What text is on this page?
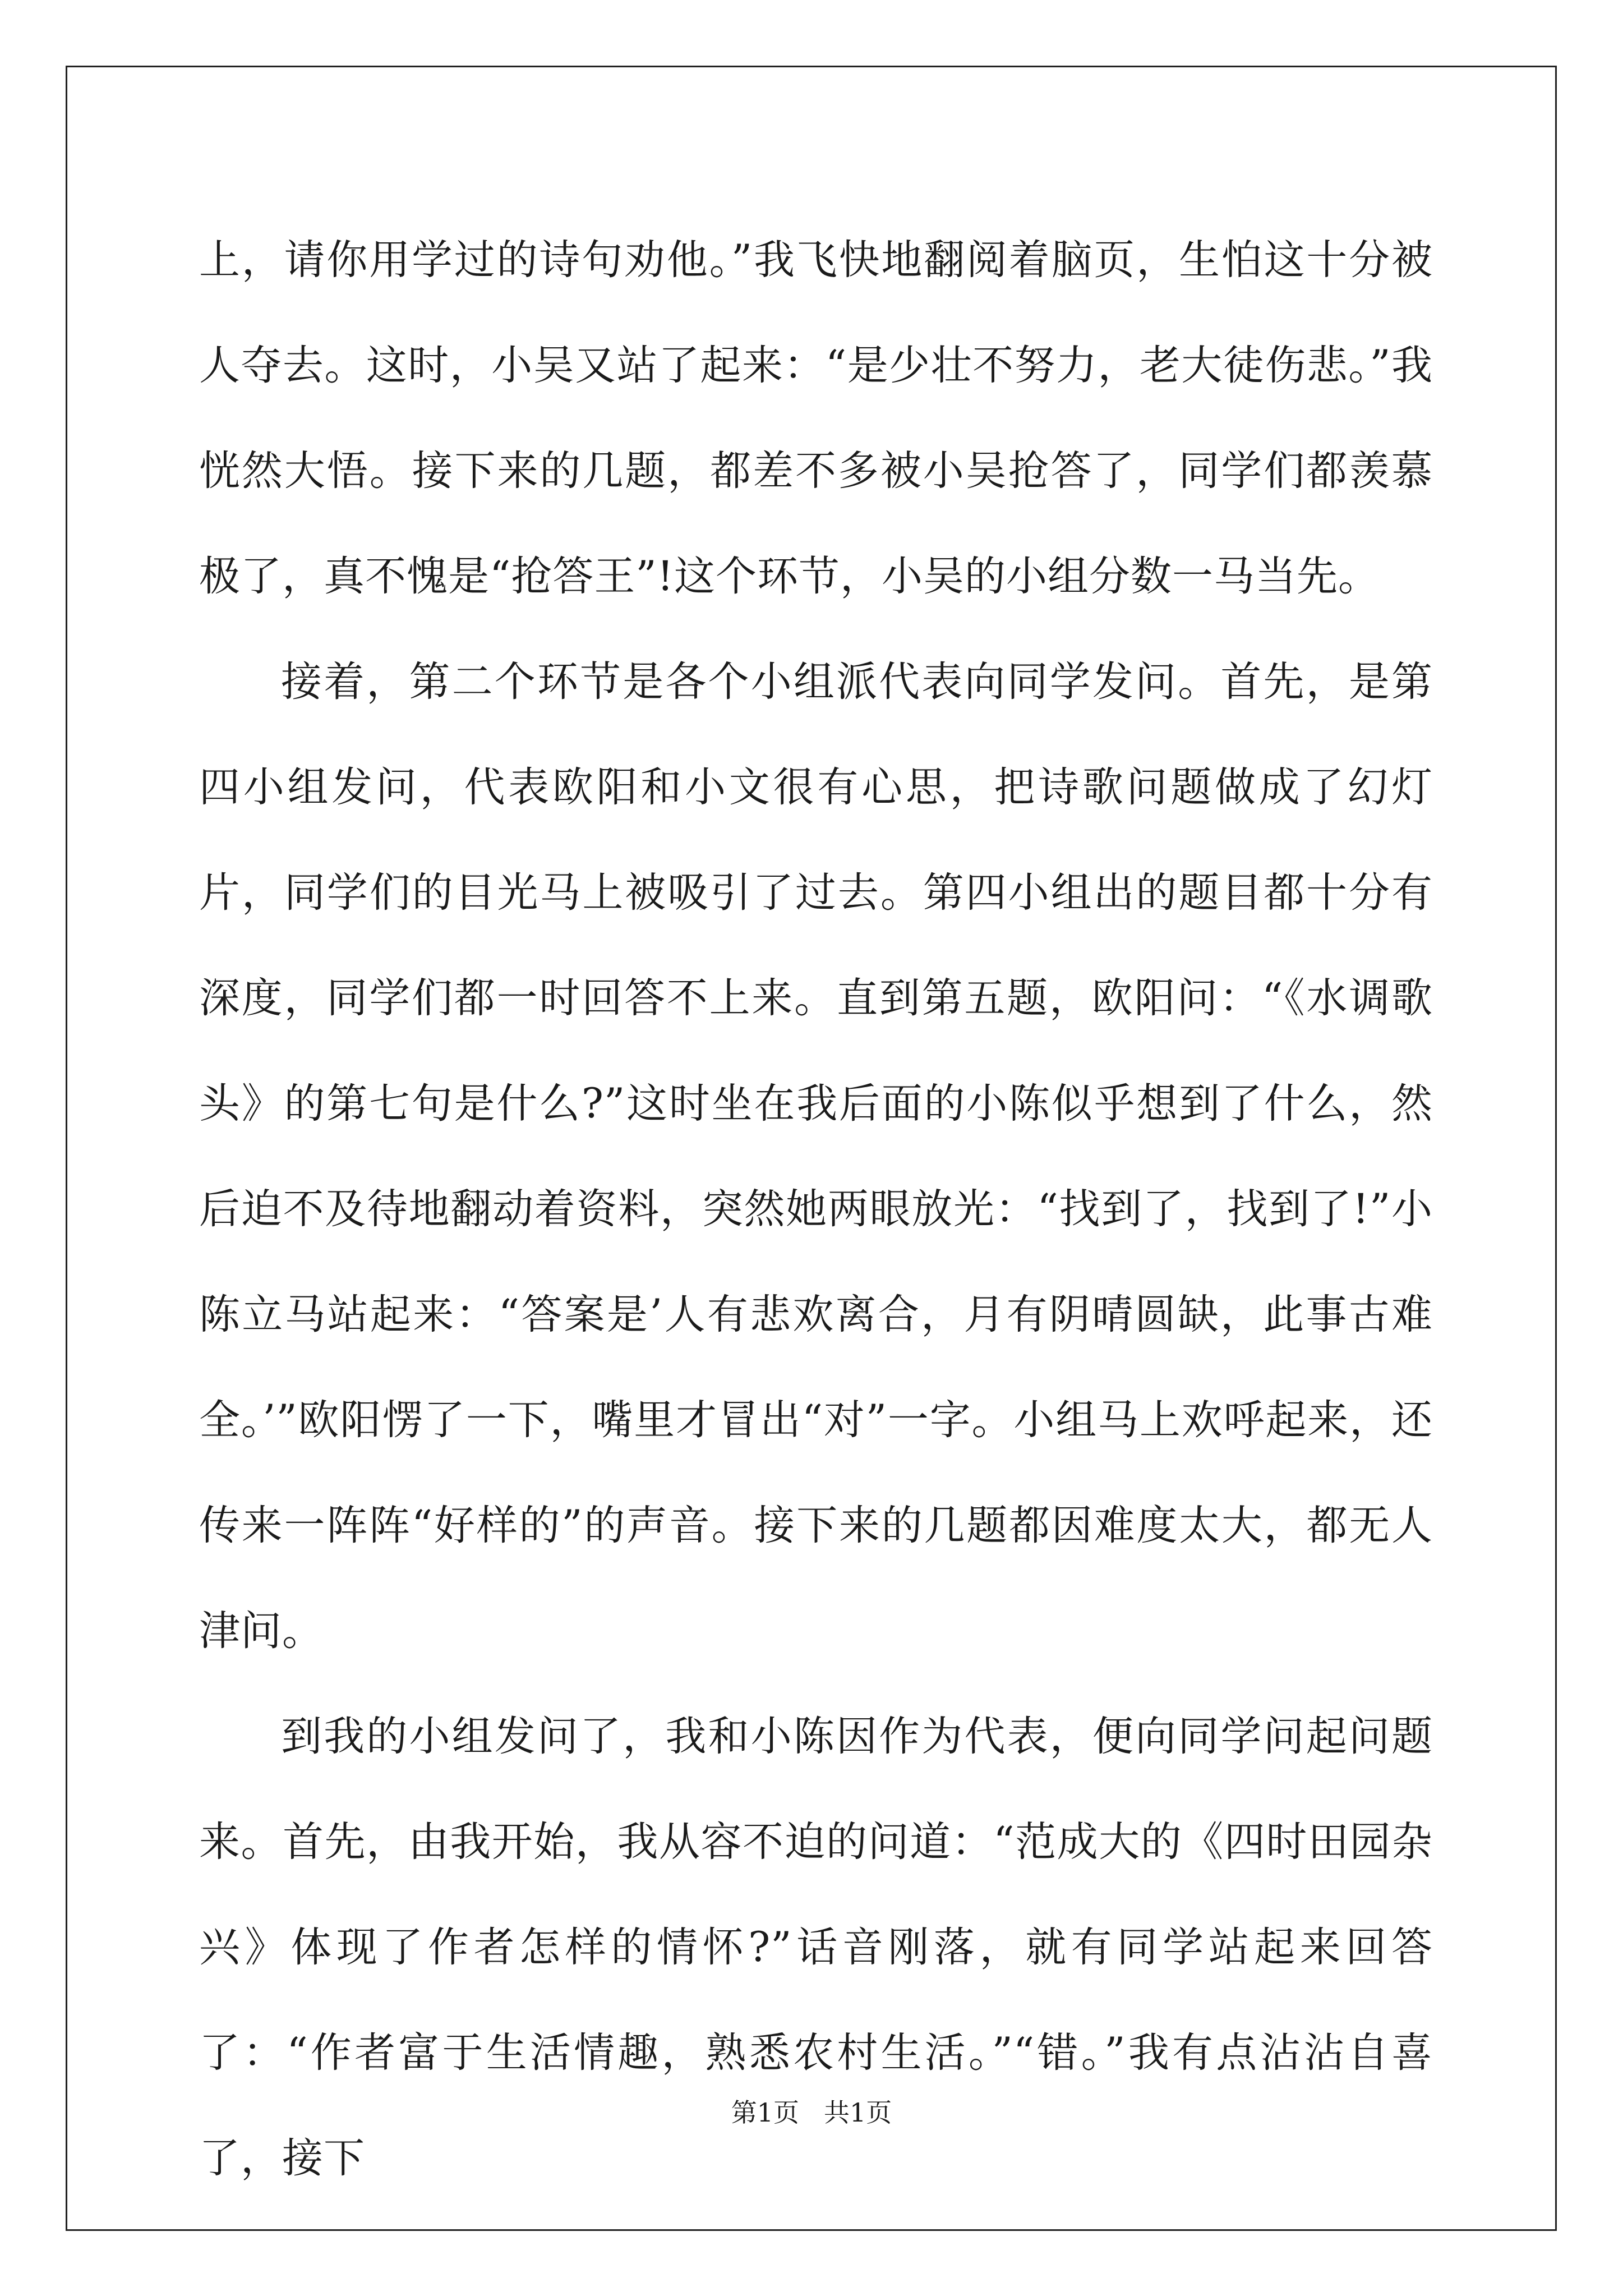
上，请你用学过的诗句劝他。”我飞快地翻阅着脑页，生怕这十分被人夺去。这时，小吴又站了起来：“是少壮不努力，老大徒伤悲。”我恍然大悟。接下来的几题，都差不多被小吴抢答了，同学们都羡慕极了，真不愧是“抢答王”!这个环节，小吴的小组分数一马当先。

接着，第二个环节是各个小组派代表向同学发问。首先，是第四小组发问，代表欧阳和小文很有心思，把诗歌问题做成了幻灯片，同学们的目光马上被吸引了过去。第四小组出的题目都十分有深度，同学们都一时回答不上来。直到第五题，欧阳问：“《水调歌头》的第七句是什么?”这时坐在我后面的小陈似乎想到了什么，然后迫不及待地翻动着资料，突然她两眼放光：“找到了，找到了!”小陈立马站起来：“答案是’人有悲欢离合，月有阴晴圆缺，此事古难全。’”欧阳愣了一下，嘴里才冒出“对”一字。小组马上欢呼起来，还传来一阵阵“好样的”的声音。接下来的几题都因难度太大，都无人津问。

到我的小组发问了，我和小陈因作为代表，便向同学问起问题来。首先，由我开始，我从容不迫的问道：“范成大的《四时田园杂兴》体现了作者怎样的情怀?”话音刚落，就有同学站起来回答了：“作者富于生活情趣，熟悉农村生活。”“错。”我有点沾沾自喜了，接下

第1页 共1页
